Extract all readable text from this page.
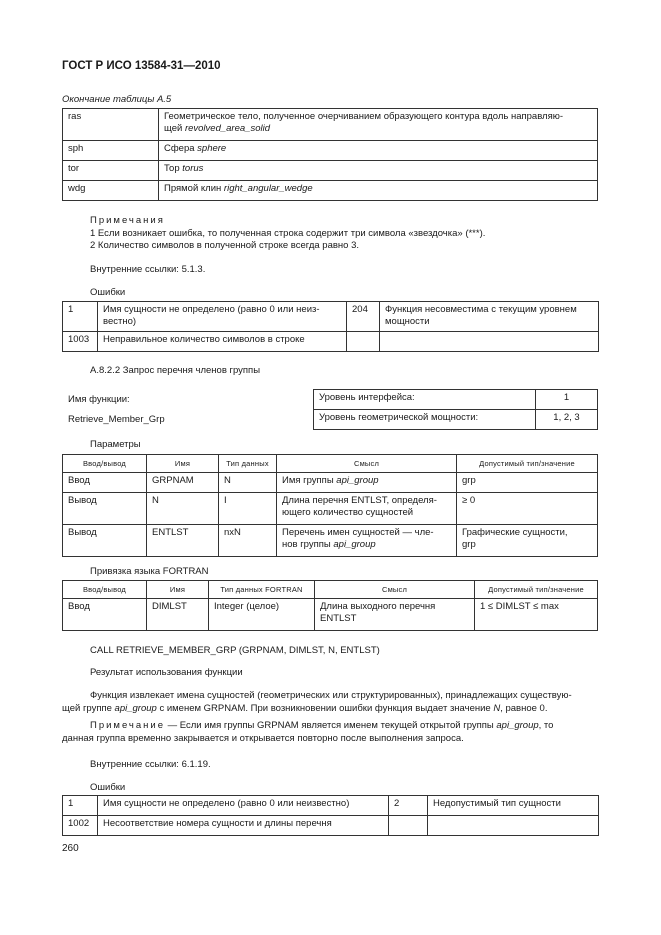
ГОСТ Р ИСО 13584-31—2010
Окончание таблицы А.5
ras	Геометрическое тело, полученное очерчиванием образующего контура вдоль направляю-
щей revolved_area_solid
sph	Сфера sphere
tor	Тор torus
wdg	Прямой клин right_angular_wedge
Примечания
1 Если возникает ошибка, то полученная строка содержит три символа «звездочка» (***).
2 Количество символов в полученной строке всегда равно 3.
Внутренние ссылки: 5.1.3.
Ошибки
1	Имя сущности не определено (равно 0 или неиз-
вестно)	204	Функция несовместима с текущим уровнем
мощности
1003	Неправильное количество символов в строке		
А.8.2.2 Запрос перечня членов группы
Имя функции:
Retrieve_Member_Grp
Уровень интерфейса:	1
Уровень геометрической мощности:	1, 2, 3
Параметры
Ввод/вывод	Имя	Тип данных	Смысл	Допустимый тип/значение
Ввод	GRPNAM	N	Имя группы api_group	grp
Вывод	N	I	Длина перечня ENTLST, определя-
ющего количество сущностей	≥ 0
Вывод	ENTLST	nxN	Перечень имен сущностей — чле-
нов группы api_group	Графические сущности,
grp
Привязка языка FORTRAN
Ввод/вывод	Имя	Тип данных FORTRAN	Смысл	Допустимый тип/значение
Ввод	DIMLST	Integer (целое)	Длина выходного перечня
ENTLST	1 ≤ DIMLST ≤ max
CALL RETRIEVE_MEMBER_GRP (GRPNAM, DIMLST, N, ENTLST)
Результат использования функции
Функция извлекает имена сущностей (геометрических или структурированных), принадлежащих существую-
щей группе api_group с именем GRPNAM. При возникновении ошибки функция выдает значение N, равное 0.
Примечание — Если имя группы GRPNAM является именем текущей открытой группы api_group, то
данная группа временно закрывается и открывается повторно после выполнения запроса.
Внутренние ссылки: 6.1.19.
Ошибки
1	Имя сущности не определено (равно 0 или неизвестно)	2	Недопустимый тип сущности
1002	Несоответствие номера сущности и длины перечня		
260
